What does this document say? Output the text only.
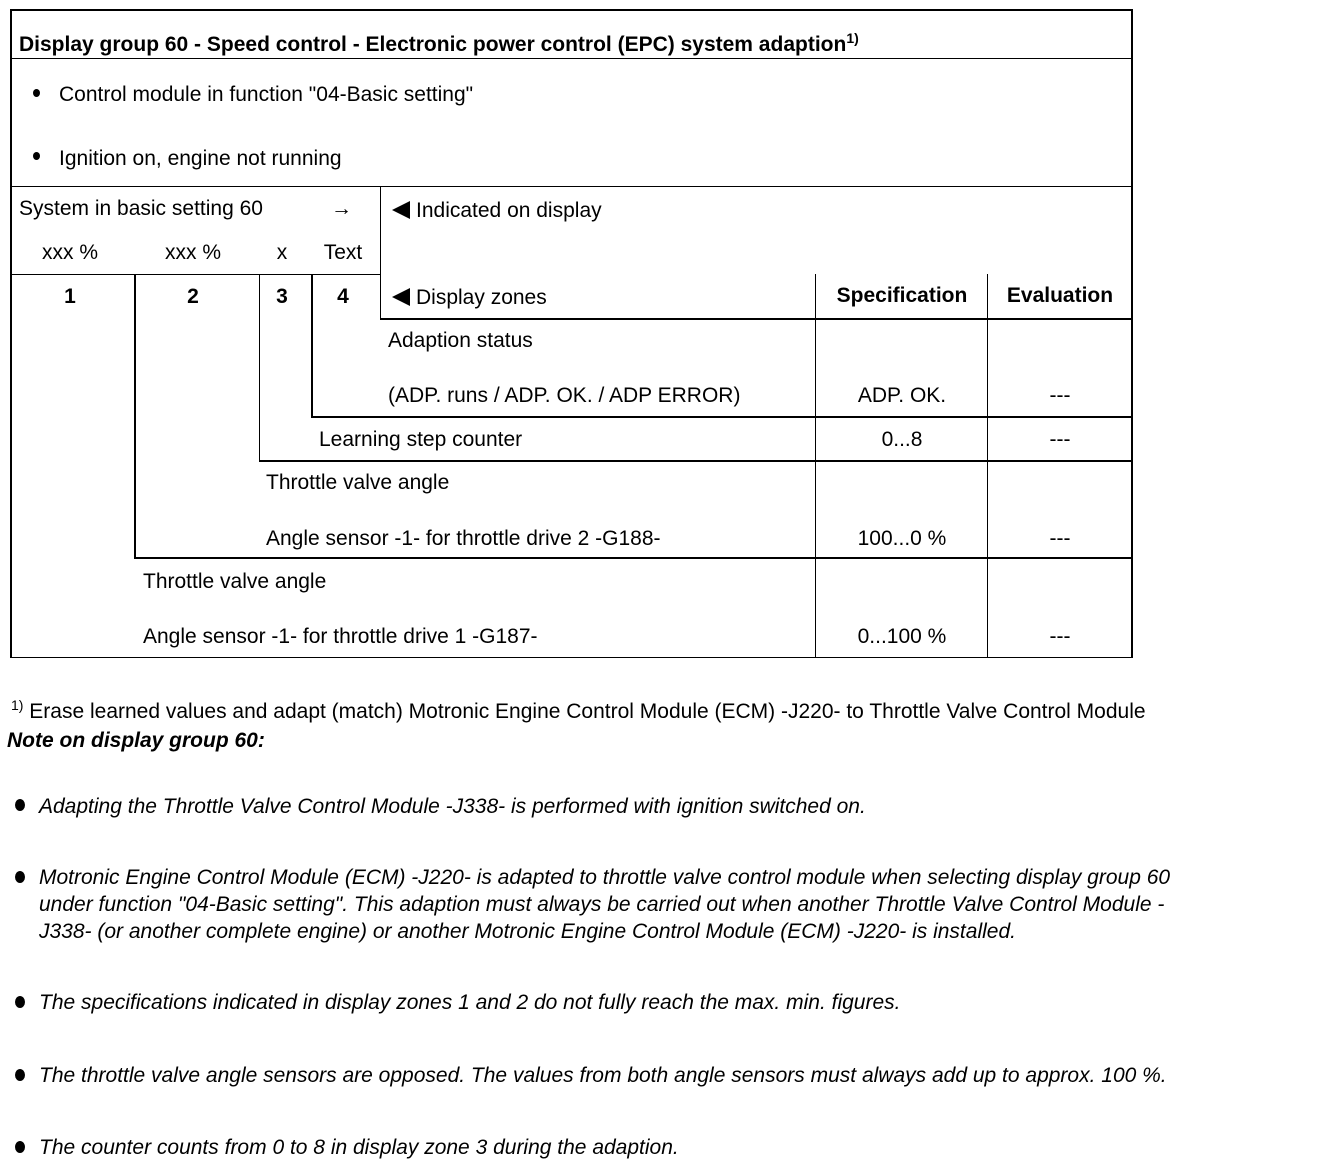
Display group 60 - Speed control - Electronic power control (EPC) system adaption$^{1)}$
Control module in function "04-Basic setting"
Ignition on, engine not running
System in basic setting 60	→	Indicated on display
xxx %	xxx %	x	Text
1	2	3	4	Display zones	Specification	Evaluation
Adaption status
(ADP. runs / ADP. OK. / ADP ERROR)	ADP. OK.	---
Learning step counter	0...8	---
Throttle valve angle
Angle sensor -1- for throttle drive 2 -G188-	100...0 %	---
Throttle valve angle
Angle sensor -1- for throttle drive 1 -G187-	0...100 %	---
$^{1)}$ Erase learned values and adapt (match) Motronic Engine Control Module (ECM) -J220- to Throttle Valve Control Module
Note on display group 60:
Adapting the Throttle Valve Control Module -J338- is performed with ignition switched on.
Motronic Engine Control Module (ECM) -J220- is adapted to throttle valve control module when selecting display group 60
under function "04-Basic setting". This adaption must always be carried out when another Throttle Valve Control Module -
J338- (or another complete engine) or another Motronic Engine Control Module (ECM) -J220- is installed.
The specifications indicated in display zones 1 and 2 do not fully reach the max. min. figures.
The throttle valve angle sensors are opposed. The values from both angle sensors must always add up to approx. 100 %.
The counter counts from 0 to 8 in display zone 3 during the adaption.
